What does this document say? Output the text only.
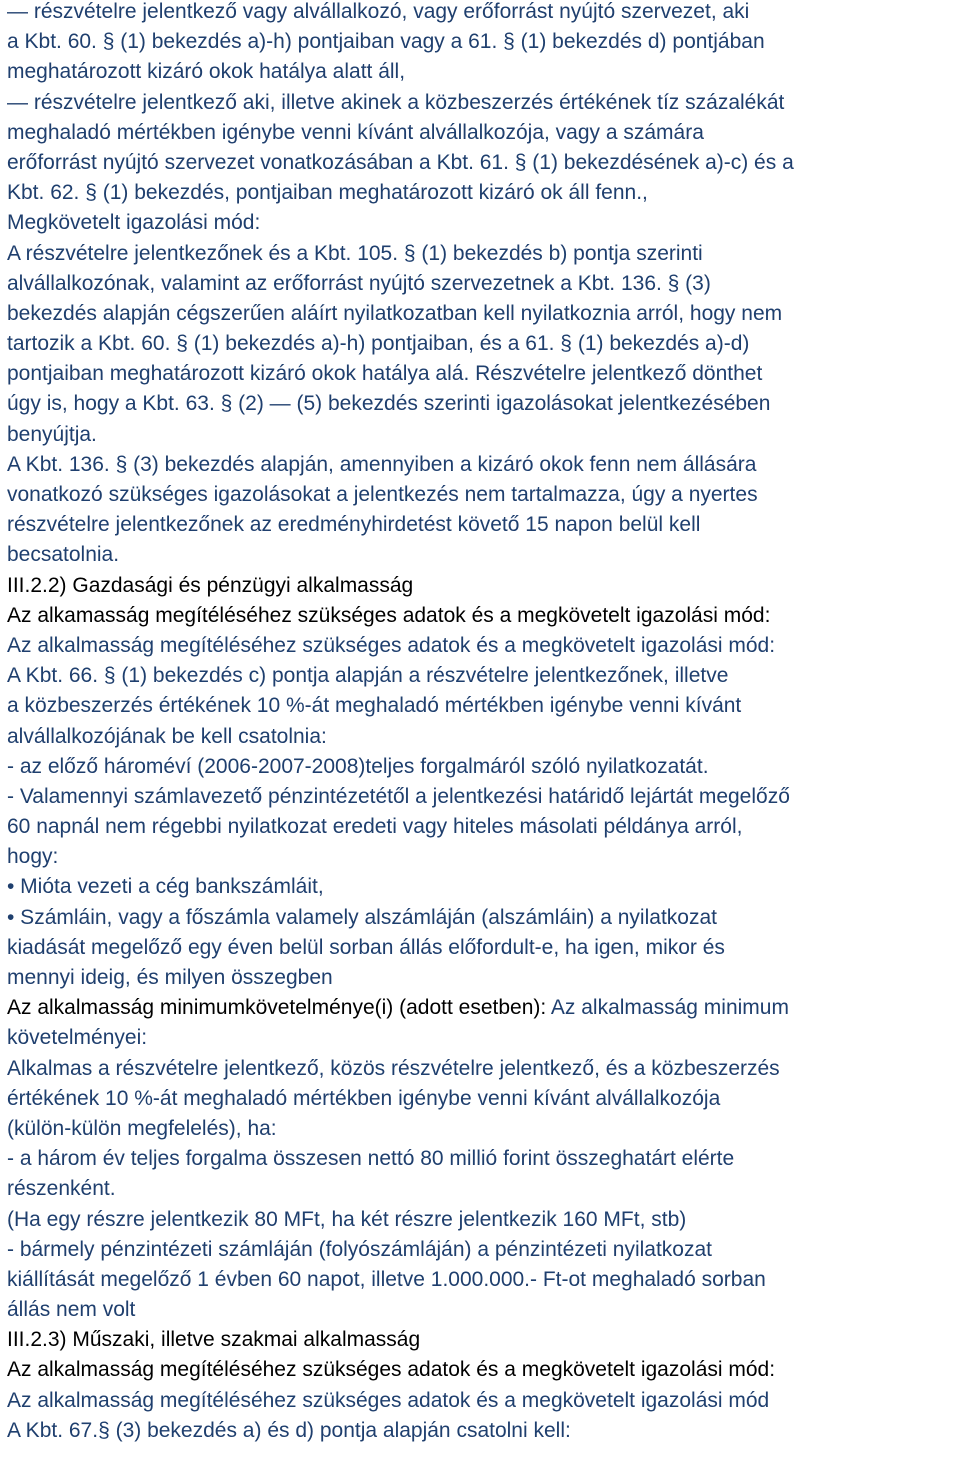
— részvételre jelentkező vagy alvállalkozó, vagy erőforrást nyújtó szervezet, aki
a Kbt. 60. § (1) bekezdés a)-h) pontjaiban vagy a 61. § (1) bekezdés d) pontjában
meghatározott kizáró okok hatálya alatt áll,
— részvételre jelentkező aki, illetve akinek a közbeszerzés értékének tíz százalékát
meghaladó mértékben igénybe venni kívánt alvállalkozója, vagy a számára
erőforrást nyújtó szervezet vonatkozásában a Kbt. 61. § (1) bekezdésének a)-c) és a
Kbt. 62. § (1) bekezdés, pontjaiban meghatározott kizáró ok áll fenn.,
Megkövetelt igazolási mód:
A részvételre jelentkezőnek és a Kbt. 105. § (1) bekezdés b) pontja szerinti
alvállalkozónak, valamint az erőforrást nyújtó szervezetnek a Kbt. 136. § (3)
bekezdés alapján cégszerűen aláírt nyilatkozatban kell nyilatkoznia arról, hogy nem
tartozik a Kbt. 60. § (1) bekezdés a)-h) pontjaiban, és a 61. § (1) bekezdés a)-d)
pontjaiban meghatározott kizáró okok hatálya alá. Részvételre jelentkező dönthet
úgy is, hogy a Kbt. 63. § (2) — (5) bekezdés szerinti igazolásokat jelentkezésében
benyújtja.
A Kbt. 136. § (3) bekezdés alapján, amennyiben a kizáró okok fenn nem állására
vonatkozó szükséges igazolásokat a jelentkezés nem tartalmazza, úgy a nyertes
részvételre jelentkezőnek az eredményhirdetést követő 15 napon belül kell
becsatolnia.
III.2.2) Gazdasági és pénzügyi alkalmasság
Az alkamasság megítéléséhez szükséges adatok és a megkövetelt igazolási mód:
Az alkalmasság megítéléséhez szükséges adatok és a megkövetelt igazolási mód:
A Kbt. 66. § (1) bekezdés c) pontja alapján a részvételre jelentkezőnek, illetve
a közbeszerzés értékének 10 %-át meghaladó mértékben igénybe venni kívánt
alvállalkozójának be kell csatolnia:
- az előző hároméví (2006-2007-2008)teljes forgalmáról szóló nyilatkozatát.
- Valamennyi számlavezető pénzintézetétől a jelentkezési határidő lejártát megelőző
60 napnál nem régebbi nyilatkozat eredeti vagy hiteles másolati példánya arról,
hogy:
• Mióta vezeti a cég bankszámláit,
• Számláin, vagy a főszámla valamely alszámláján (alszámláin) a nyilatkozat
kiadását megelőző egy éven belül sorban állás előfordult-e, ha igen, mikor és
mennyi ideig, és milyen összegben
Az alkalmasság minimumkövetelménye(i) (adott esetben): Az alkalmasság minimum
követelményei:
Alkalmas a részvételre jelentkező, közös részvételre jelentkező, és a közbeszerzés
értékének 10 %-át meghaladó mértékben igénybe venni kívánt alvállalkozója
(külön-külön megfelelés), ha:
- a három év teljes forgalma összesen nettó 80 millió forint összeghatárt elérte
részenként.
(Ha egy részre jelentkezik 80 MFt, ha két részre jelentkezik 160 MFt, stb)
- bármely pénzintézeti számláján (folyószámláján) a pénzintézeti nyilatkozat
kiállítását megelőző 1 évben 60 napot, illetve 1.000.000.- Ft-ot meghaladó sorban
állás nem volt
III.2.3) Műszaki, illetve szakmai alkalmasság
Az alkalmasság megítéléséhez szükséges adatok és a megkövetelt igazolási mód:
Az alkalmasság megítéléséhez szükséges adatok és a megkövetelt igazolási mód
A Kbt. 67.§ (3) bekezdés a) és d) pontja alapján csatolni kell:
